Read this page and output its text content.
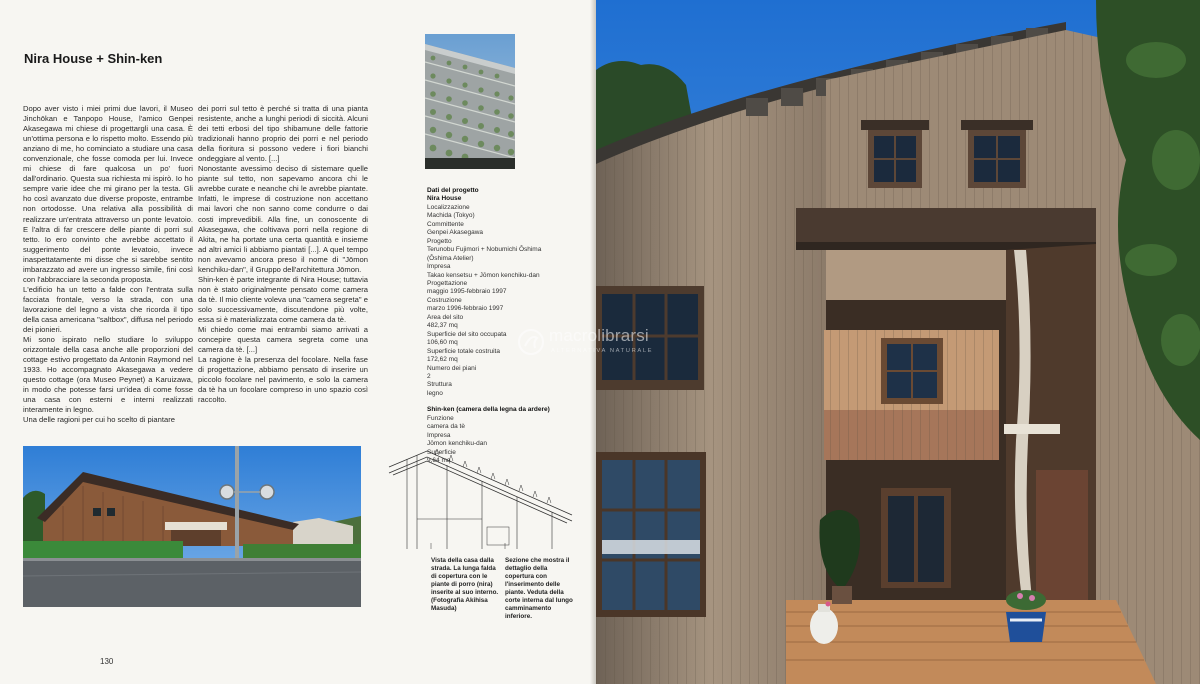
Nira House + Shin-ken

Dopo aver visto i miei primi due lavori, il Museo Jinchōkan e Tanpopo House, l'amico Genpei Akasegawa mi chiese di progettargli una casa. È un'ottima persona e lo rispetto molto. Essendo più anziano di me, ho cominciato a studiare una casa convenzionale, che fosse comoda per lui. Invece mi chiese di fare qualcosa un po' fuori dall'ordinario. Questa sua richiesta mi ispirò. Io ho sempre varie idee che mi girano per la testa. Gli ho così avanzato due diverse proposte, entrambe non ortodosse. Una relativa alla possibilità di realizzare un'entrata attraverso un ponte levatoio. E l'altra di far crescere delle piante di porri sul tetto. Io ero convinto che avrebbe accettato il suggerimento del ponte levatoio, invece inaspettatamente mi disse che si sarebbe sentito imbarazzato ad avere un ingresso simile, fini così con l'abbracciare la seconda proposta.

L'edificio ha un tetto a falde con l'entrata sulla facciata frontale, verso la strada, con una lavorazione del legno a vista che ricorda il tipo della casa americana "saltbox", diffusa nel periodo dei pionieri.

Mi sono ispirato nello studiare lo sviluppo orizzontale della casa anche alle proporzioni del cottage estivo progettato da Antonin Raymond nel 1933. Ho accompagnato Akasegawa a vedere questo cottage (ora Museo Peynet) a Karuizawa, in modo che potesse farsi un'idea di come fosse una casa con esterni e interni realizzati interamente in legno.

Una delle ragioni per cui ho scelto di piantare

dei porri sul tetto è perché si tratta di una pianta resistente, anche a lunghi periodi di siccità. Alcuni dei tetti erbosi del tipo shibamune delle fattorie tradizionali hanno proprio dei porri e nel periodo della fioritura si possono vedere i fiori bianchi ondeggiare al vento. [...]

Nonostante avessimo deciso di sistemare quelle piante sul tetto, non sapevamo ancora chi le avrebbe curate e neanche chi le avrebbe piantate. Infatti, le imprese di costruzione non accettano mai lavori che non sanno come condurre o dai costi imprevedibili. Alla fine, un conoscente di Akasegawa, che coltivava porri nella regione di Akita, ne ha portate una certa quantità e insieme ad altri amici li abbiamo piantati [...]. A quel tempo non avevamo ancora preso il nome di "Jōmon kenchiku-dan", il Gruppo dell'architettura Jōmon.

Shin-ken è parte integrante di Nira House; tuttavia non è stato originalmente pensato come camera da tè. Il mio cliente voleva una "camera segreta" e solo successivamente, discutendone più volte, essa si è materializzata come camera da tè.

Mi chiedo come mai entrambi siamo arrivati a concepire questa camera segreta come una camera da tè. [...]

La ragione è la presenza del focolare. Nella fase di progettazione, abbiamo pensato di inserire un piccolo focolare nel pavimento, e solo la camera da tè ha un focolare compreso in uno spazio così raccolto.

Dati del progetto
Nira House
Localizzazione
Machida (Tokyo)
Committente
Genpei Akasegawa
Progetto
Terunobu Fujimori + Nobumichi Ōshima
(Ōshima Atelier)
Impresa
Takao kensetsu + Jōmon kenchiku-dan
Progettazione
maggio 1995-febbraio 1997
Costruzione
marzo 1996-febbraio 1997
Area del sito
482,37 mq
Superficie del sito occupata
106,60 mq
Superficie totale costruita
172,62 mq
Numero dei piani
2
Struttura
legno
Shin-ken (camera della legna da ardere)
Funzione
camera da tè
Impresa
Jōmon kenchiku-dan
Superficie
9,64 mq
Vista della casa dalla strada. La lunga falda di copertura con le piante di porro (nira) inserite al suo interno. (Fotografia Akihisa Masuda)
Sezione che mostra il dettaglio della copertura con l'inserimento delle piante. Veduta della corte interna dal lungo camminamento inferiore.
130
macrolibrarsi
ALTERNATIVA NATURALE
